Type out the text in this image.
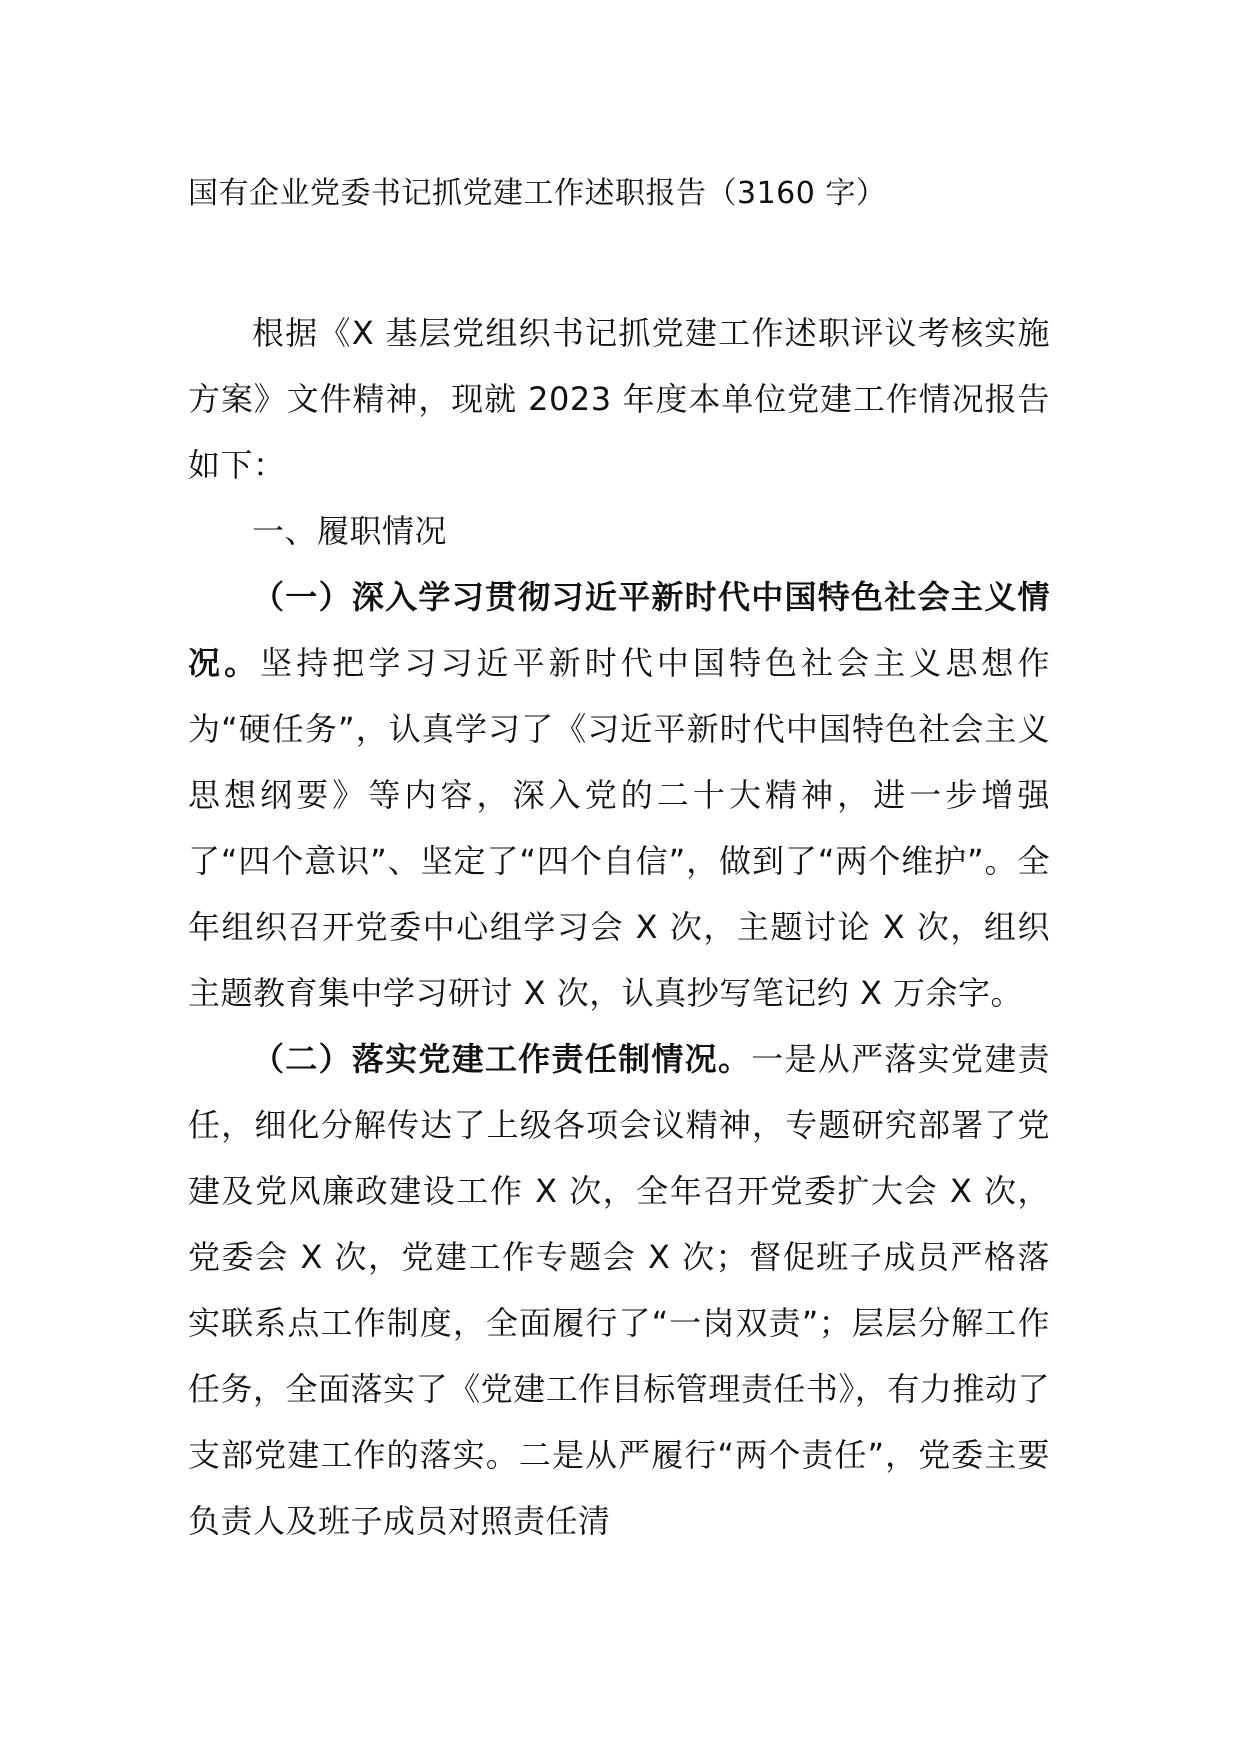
国有企业党委书记抓党建工作述职报告（3160 字）

根据《X 基层党组织书记抓党建工作述职评议考核实施方案》文件精神，现就 2023 年度本单位党建工作情况报告如下：

一、履职情况

（一）深入学习贯彻习近平新时代中国特色社会主义情况。坚持把学习习近平新时代中国特色社会主义思想作为“硬任务”，认真学习了《习近平新时代中国特色社会主义思想纲要》等内容，深入党的二十大精神，进一步增强了“四个意识”、坚定了“四个自信”，做到了“两个维护”。全年组织召开党委中心组学习会 X 次，主题讨论 X 次，组织主题教育集中学习研讨 X 次，认真抄写笔记约 X 万余字。

（二）落实党建工作责任制情况。一是从严落实党建责任，细化分解传达了上级各项会议精神，专题研究部署了党建及党风廉政建设工作 X 次，全年召开党委扩大会 X 次，党委会 X 次，党建工作专题会 X 次；督促班子成员严格落实联系点工作制度，全面履行了“一岗双责”；层层分解工作任务，全面落实了《党建工作目标管理责任书》，有力推动了支部党建工作的落实。二是从严履行“两个责任”，党委主要负责人及班子成员对照责任清
